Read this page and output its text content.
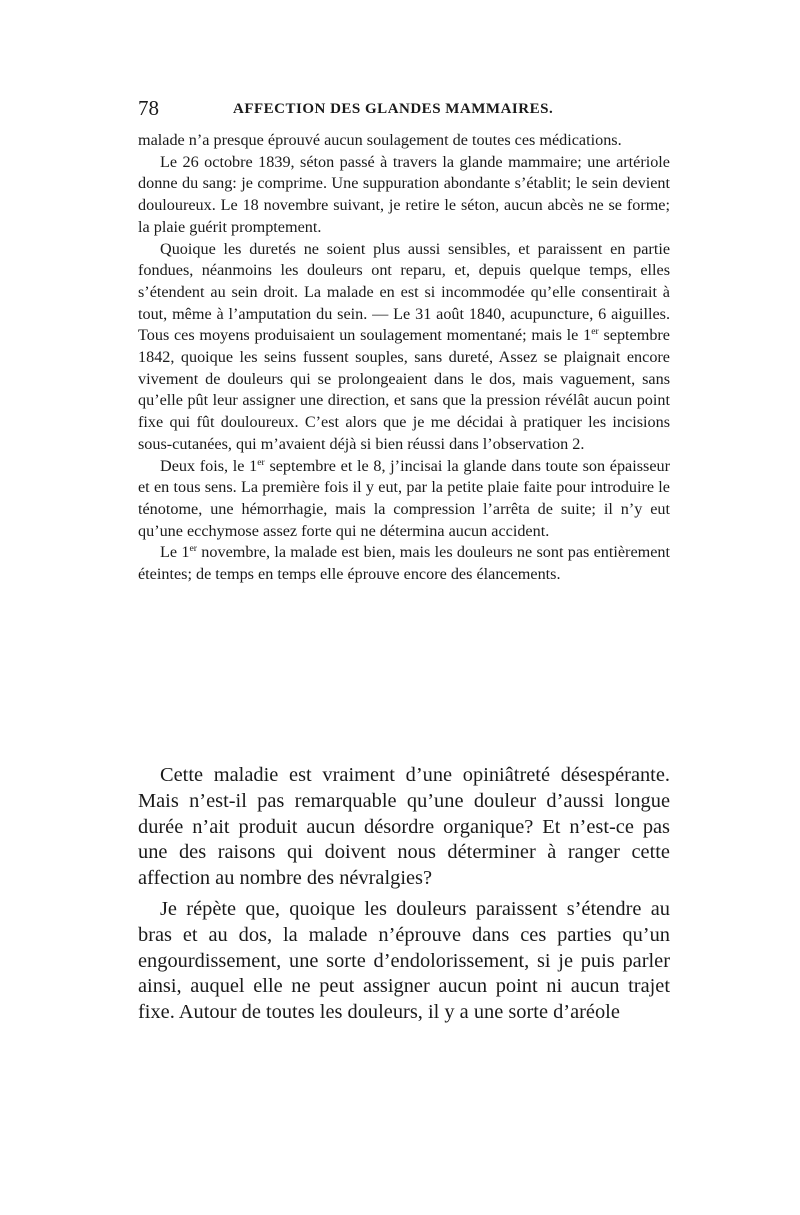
78	AFFECTION DES GLANDES MAMMAIRES.

malade n’a presque éprouvé aucun soulagement de toutes ces médications.

Le 26 octobre 1839, séton passé à travers la glande mammaire; une artériole donne du sang: je comprime. Une suppuration abondante s’établit; le sein devient douloureux. Le 18 novembre suivant, je retire le séton, aucun abcès ne se forme; la plaie guérit promptement.

Quoique les duretés ne soient plus aussi sensibles, et paraissent en partie fondues, néanmoins les douleurs ont reparu, et, depuis quelque temps, elles s’étendent au sein droit. La malade en est si incommodée qu’elle consentirait à tout, même à l’amputation du sein. — Le 31 août 1840, acupuncture, 6 aiguilles. Tous ces moyens produisaient un soulagement momentané; mais le 1er septembre 1842, quoique les seins fussent souples, sans dureté, Assez se plaignait encore vivement de douleurs qui se prolongeaient dans le dos, mais vaguement, sans qu’elle pût leur assigner une direction, et sans que la pression révélât aucun point fixe qui fût douloureux. C’est alors que je me décidai à pratiquer les incisions sous-cutanées, qui m’avaient déjà si bien réussi dans l’observation 2.

Deux fois, le 1er septembre et le 8, j’incisai la glande dans toute son épaisseur et en tous sens. La première fois il y eut, par la petite plaie faite pour introduire le ténotome, une hémorrhagie, mais la compression l’arrêta de suite; il n’y eut qu’une ecchymose assez forte qui ne détermina aucun accident.

Le 1er novembre, la malade est bien, mais les douleurs ne sont pas entièrement éteintes; de temps en temps elle éprouve encore des élancements.

Cette maladie est vraiment d’une opiniâtreté désespérante. Mais n’est-il pas remarquable qu’une douleur d’aussi longue durée n’ait produit aucun désordre organique? Et n’est-ce pas une des raisons qui doivent nous déterminer à ranger cette affection au nombre des névralgies?

Je répète que, quoique les douleurs paraissent s’étendre au bras et au dos, la malade n’éprouve dans ces parties qu’un engourdissement, une sorte d’endolorissement, si je puis parler ainsi, auquel elle ne peut assigner aucun point ni aucun trajet fixe. Autour de toutes les douleurs, il y a une sorte d’aréole
